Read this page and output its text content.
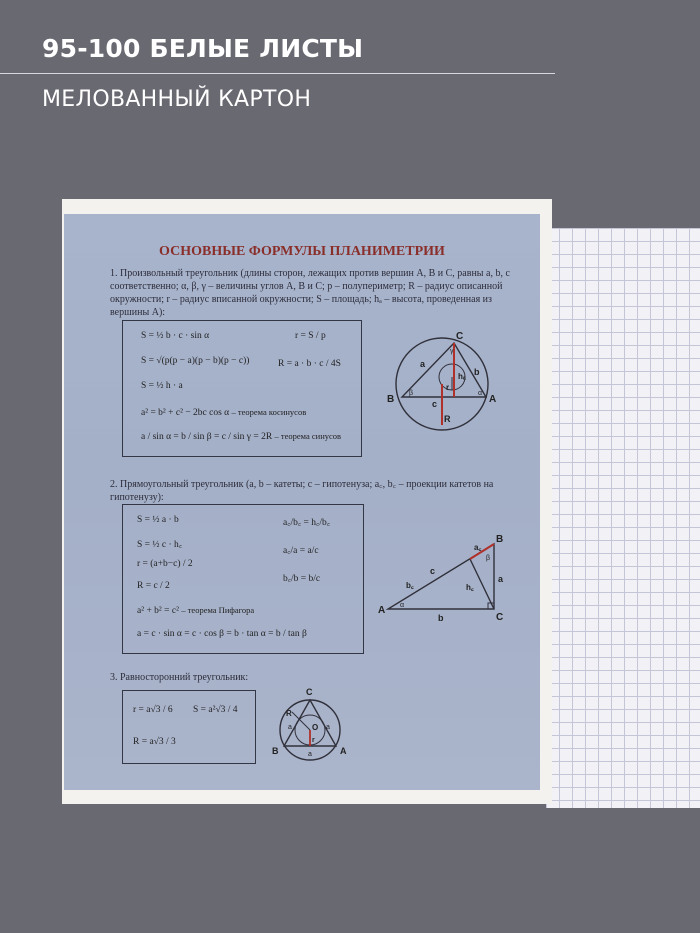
95-100 БЕЛЫЕ ЛИСТЫ
МЕЛОВАННЫЙ КАРТОН
ОСНОВНЫЕ ФОРМУЛЫ ПЛАНИМЕТРИИ
1. Произвольный треугольник (длины сторон, лежащих против вершин A, B и C, равны a, b, c соответственно; α, β, γ – величины углов A, B и C; p – полупериметр; R – радиус описанной окружности; r – радиус вписанной окружности; S – площадь; hₐ – высота, проведенная из вершины A):
S = ½ b · c · sin α
S = √(p(p − a)(p − b)(p − c))
S = ½ h · a
r = S / p
R = a · b · c / 4S
a² = b² + c² − 2bc cos α – теорема косинусов
a / sin α = b / sin β = c / sin γ = 2R – теорема синусов
C
B	A
a
b
c
R
r
hₐ
β	α
γ
2. Прямоугольный треугольник (a, b – катеты; c – гипотенуза; a꜀, b꜀ – проекции катетов на гипотенузу):
S = ½ a · b
S = ½ c · h꜀
r = (a+b−c) / 2
R = c / 2
a꜀/b꜀ = h꜀/b꜀
a꜀/a = a/c
b꜀/b = b/c
a² + b² = c² – теорема Пифагора
a = c · sin α = c · cos β = b · tan α = b / tan β
A
B
C
a
b
c
b꜀
a꜀
h꜀
α
β
3. Равносторонний треугольник:
r = a√3 / 6 S = a²√3 / 4
R = a√3 / 3
C
B	A
R
O
r
a	a
a
